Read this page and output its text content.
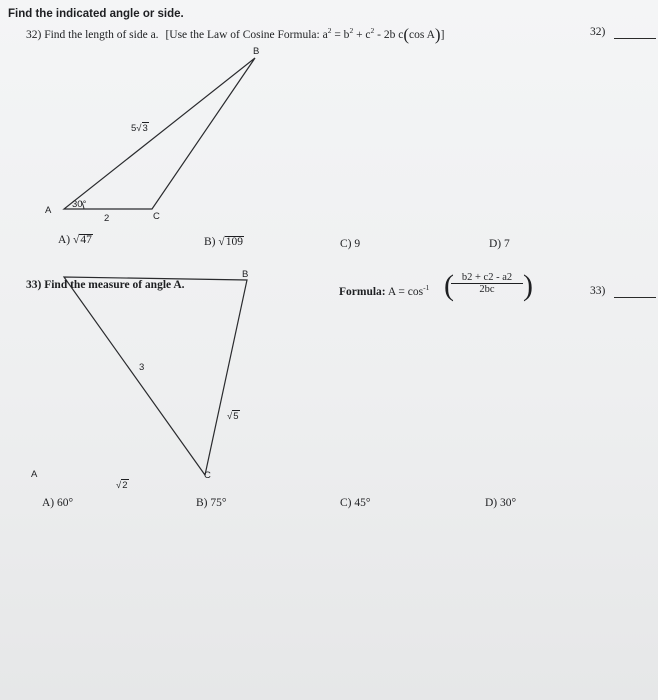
Find the indicated angle or side.
32) Find the length of side a. [Use the Law of Cosine Formula: $a^2 = b^2 + c^2 - 2b$ c(cos A)]	32)
A
B
C
30°
2
5√3
A) √47	B) √109	C) 9	D) 7
33) Find the measure of angle A.	33)
Formula: $A = \cos^{-1}$ (
$\frac{b2 + c2 - a2}{2bc}$ )
A
B
C
3
√5
√2
A) 60°	B) 75°	C) 45°	D) 30°
